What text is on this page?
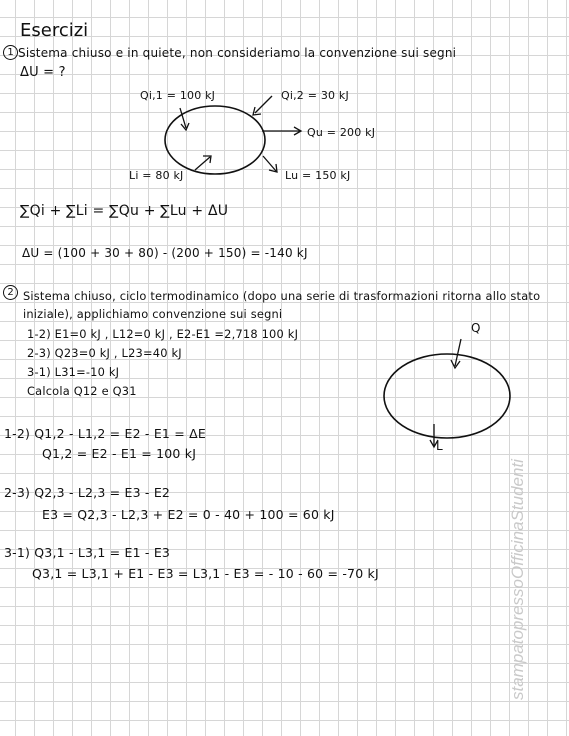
Esercizi
1 Sistema chiuso e in quiete, non consideriamo la convenzione sui segni
ΔU = ?
Qi,1 = 100 kJ	Qi,2 = 30 kJ
Qu = 200 kJ
Li = 80 kJ	Lu = 150 kJ
∑Qi + ∑Li = ∑Qu + ∑Lu + ΔU
ΔU = (100 + 30 + 80) - (200 + 150) = -140 kJ
2 Sistema chiuso, ciclo termodinamico (dopo una serie di trasformazioni ritorna allo stato
iniziale), applichiamo convenzione sui segni
1-2) E1=0 kJ , L12=0 kJ , E2-E1 =2,718 100 kJ
2-3) Q23=0 kJ , L23=40 kJ
3-1) L31=-10 kJ
Calcola Q12 e Q31
Q
L
1-2) Q1,2 - L1,2 = E2 - E1 = ΔE
Q1,2 = E2 - E1 = 100 kJ
2-3) Q2,3 - L2,3 = E3 - E2
E3 = Q2,3 - L2,3 + E2 = 0 - 40 + 100 = 60 kJ
3-1) Q3,1 - L3,1 = E1 - E3
Q3,1 = L3,1 + E1 - E3 = L3,1 - E3 = - 10 - 60 = -70 kJ	stampatopressoOfficinaStudenti
